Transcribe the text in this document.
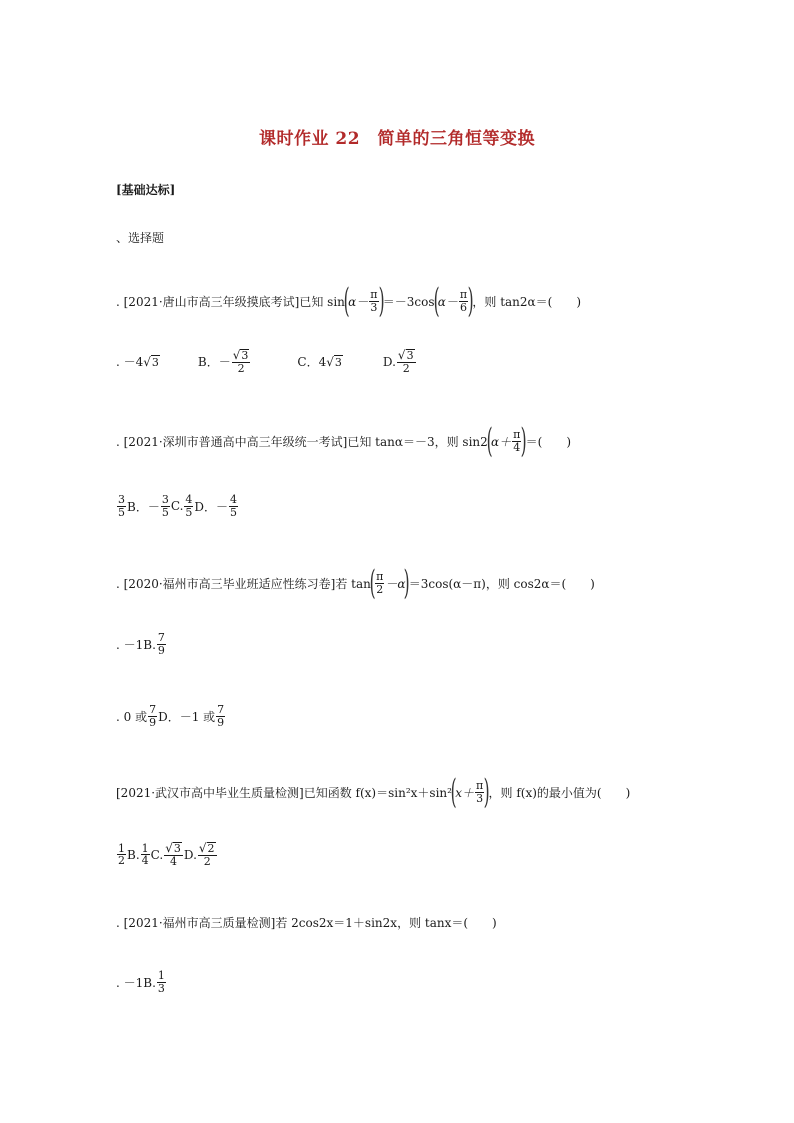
课时作业 22　简单的三角恒等变换
[基础达标]
、选择题
. [2021·唐山市高三年级摸底考试]已知 sin
(
$\alpha- \frac{\pi}{3}$ )
＝－3cos
(
$\alpha- \frac{\pi}{6}$ )
，则 tan2α＝(　　)
. －4 √ 3	B．－ $\frac{√ 3}{2}$	C．4 √ 3	D. $\frac{√ 3}{2}$
. [2021·深圳市普通高中高三年级统一考试]已知 tanα＝－3，则 sin2
(
$\alpha+ \frac{\pi}{4}$ )
＝(　　)
$\frac{3}{5}$ B．－ $\frac{3}{5} C$. $\frac{4}{5}$ D．－ $\frac{4}{5}$
. [2020·福州市高三毕业班适应性练习卷]若 tan
( $\frac{\pi}{2} -\alpha$
)
＝3cos(α－π)，则 cos2α＝(　　)
. －1B. $\frac{7}{9}$
. 0 或 $\frac{7}{9}$ D．－1 或 $\frac{7}{9}$
[2021·武汉市高中毕业生质量检测]已知函数 f(x)＝sin²x＋sin²
(
$x+ \frac{\pi}{3}$ )
，则 f(x)的最小值为(　　)
$\frac{1}{2} B$. $\frac{1}{4} C$. $\frac{√ 3}{4} D$. $\frac{√ 2}{2}$
. [2021·福州市高三质量检测]若 2cos2x＝1＋sin2x，则 tanx＝(　　)
. －1B. $\frac{1}{3}$
